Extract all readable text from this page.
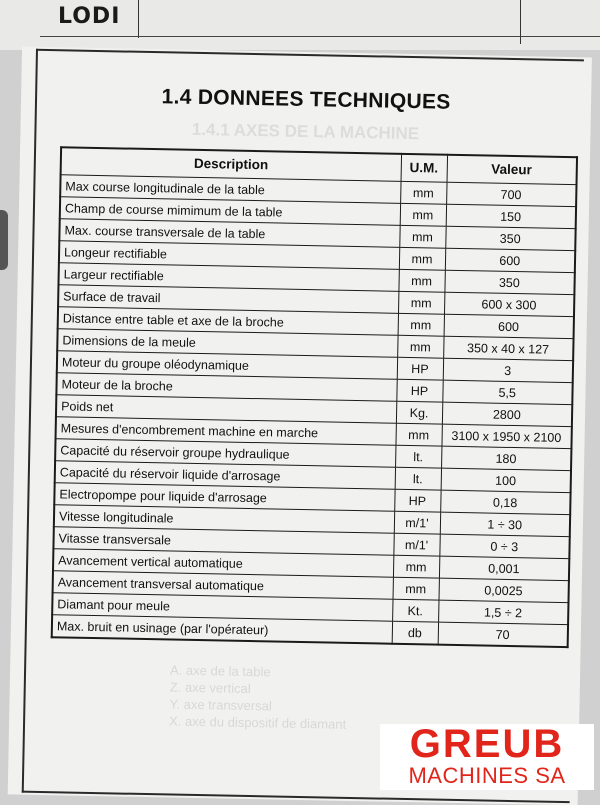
LODI
1.4 DONNEES TECHNIQUES
1.4.1 AXES DE LA MACHINE
Description	U.M.	Valeur
Max course longitudinale de la table	mm	700
Champ de course mimimum de la table	mm	150
Max. course transversale de la table	mm	350
Longeur rectifiable	mm	600
Largeur rectifiable	mm	350
Surface de travail	mm	600 x 300
Distance entre table et axe de la broche	mm	600
Dimensions de la meule	mm	350 x 40 x 127
Moteur du groupe oléodynamique	HP	3
Moteur de la broche	HP	5,5
Poids net	Kg.	2800
Mesures d'encombrement machine en marche	mm	3100 x 1950 x 2100
Capacité du réservoir groupe hydraulique	lt.	180
Capacité du réservoir liquide d'arrosage	lt.	100
Electropompe pour liquide d'arrosage	HP	0,18
Vitesse longitudinale	m/1'	1 ÷ 30
Vitasse transversale	m/1'	0 ÷ 3
Avancement vertical automatique	mm	0,001
Avancement transversal automatique	mm	0,0025
Diamant pour meule	Kt.	1,5 ÷ 2
Max. bruit en usinage (par l'opérateur)	db	70
A. axe de la table
Z. axe vertical
Y. axe transversal
X. axe du dispositif de diamant	GREUB
MACHINES SA
